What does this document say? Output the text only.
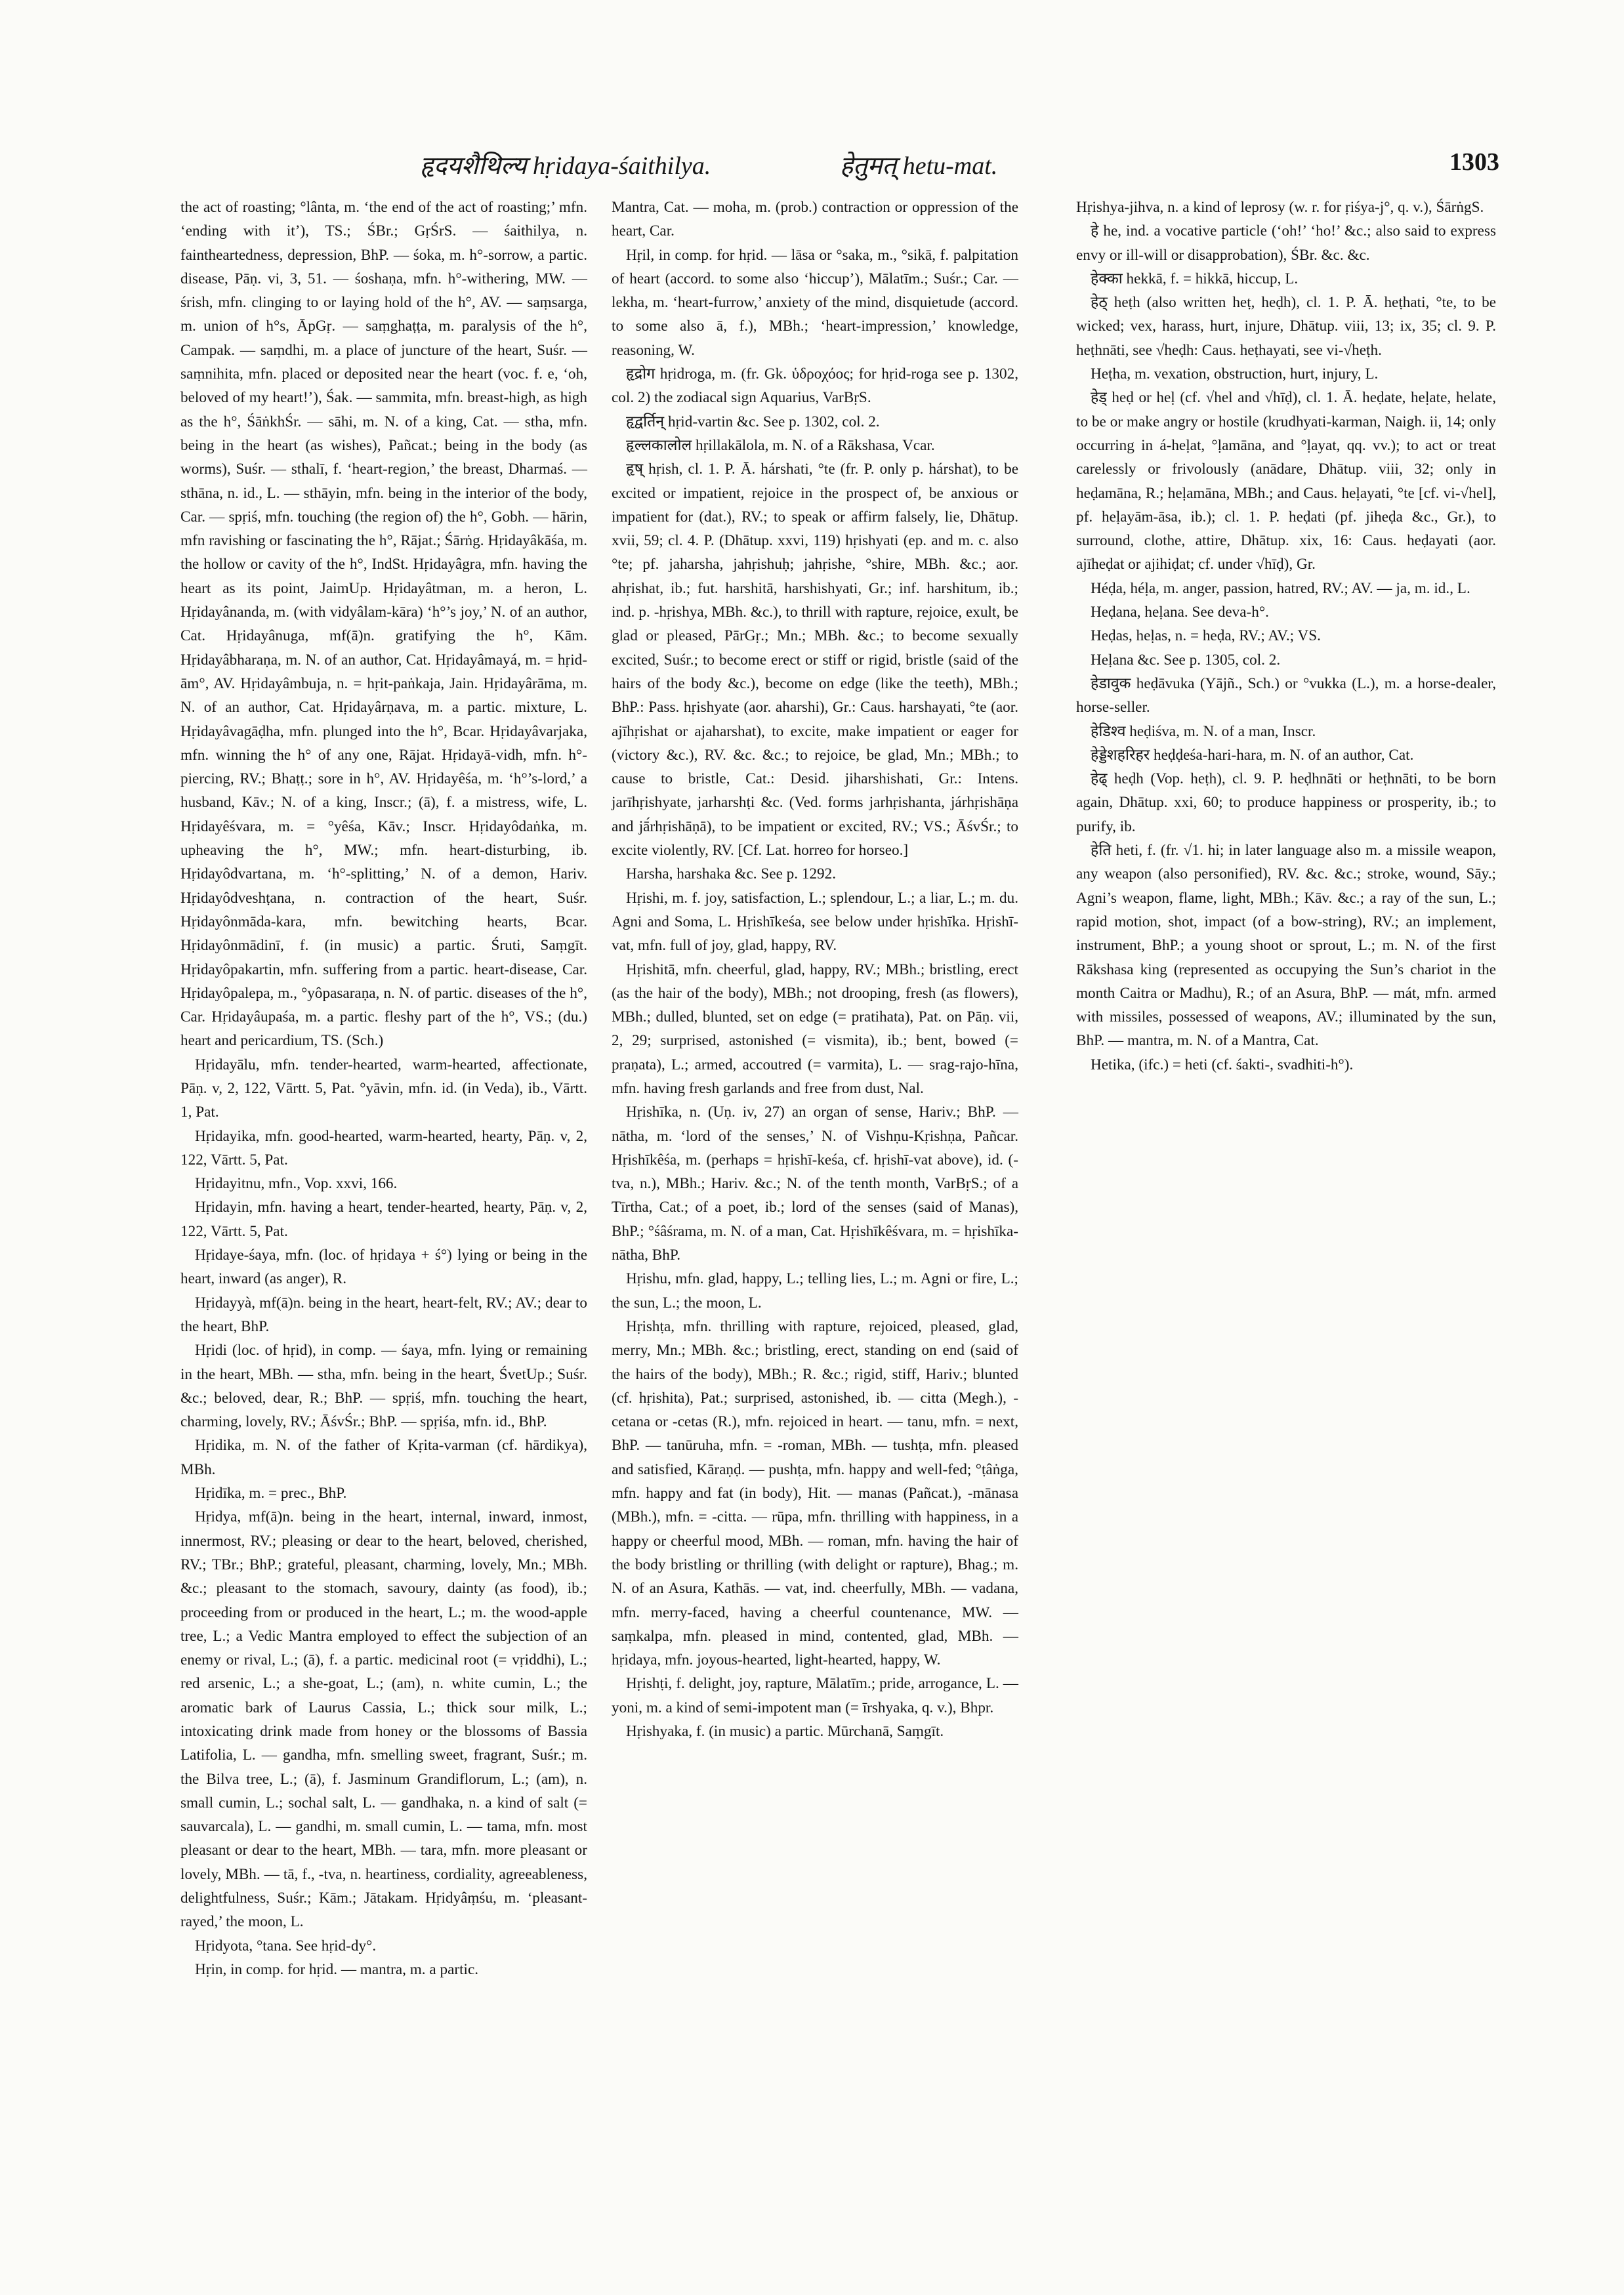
हृदयशैथिल्य hṛidaya-śaithilya.	हेतुमत् hetu-mat.	1303

the act of roasting; °lânta, m. ‘the end of the act of roasting;’ mfn. ‘ending with it’), TS.; ŚBr.; GṛŚrS. — śaithilya, n. faintheartedness, depression, BhP. — śoka, m. h°-sorrow, a partic. disease, Pāṇ. vi, 3, 51. — śoshaṇa, mfn. h°-withering, MW. — śrish, mfn. clinging to or laying hold of the h°, AV. — saṃsarga, m. union of h°s, ĀpGṛ. — saṃghaṭṭa, m. paralysis of the h°, Campak. — saṃdhi, m. a place of juncture of the heart, Suśr. — saṃnihita, mfn. placed or deposited near the heart (voc. f. e, ‘oh, beloved of my heart!’), Śak. — sammita, mfn. breast-high, as high as the h°, ŚāṅkhŚr. — sāhi, m. N. of a king, Cat. — stha, mfn. being in the heart (as wishes), Pañcat.; being in the body (as worms), Suśr. — sthalī, f. ‘heart-region,’ the breast, Dharmaś. — sthāna, n. id., L. — sthāyin, mfn. being in the interior of the body, Car. — spṛiś, mfn. touching (the region of) the h°, Gobh. — hārin, mfn ravishing or fascinating the h°, Rājat.; Śārṅg. Hṛidayâkāśa, m. the hollow or cavity of the h°, IndSt. Hṛidayâgra, mfn. having the heart as its point, JaimUp. Hṛidayâtman, m. a heron, L. Hṛidayânanda, m. (with vidyâlam-kāra) ‘h°’s joy,’ N. of an author, Cat. Hṛidayânuga, mf(ā)n. gratifying the h°, Kām. Hṛidayâbharaṇa, m. N. of an author, Cat. Hṛidayâmayá, m. = hṛid-ām°, AV. Hṛidayâmbuja, n. = hṛit-paṅkaja, Jain. Hṛidayârāma, m. N. of an author, Cat. Hṛidayârṇava, m. a partic. mixture, L. Hṛidayâvagāḍha, mfn. plunged into the h°, Bcar. Hṛidayâvarjaka, mfn. winning the h° of any one, Rājat. Hṛidayā-vidh, mfn. h°-piercing, RV.; Bhaṭṭ.; sore in h°, AV. Hṛidayêśa, m. ‘h°’s-lord,’ a husband, Kāv.; N. of a king, Inscr.; (ā), f. a mistress, wife, L. Hṛidayêśvara, m. = °yêśa, Kāv.; Inscr. Hṛidayôdaṅka, m. upheaving the h°, MW.; mfn. heart-disturbing, ib. Hṛidayôdvartana, m. ‘h°-splitting,’ N. of a demon, Hariv. Hṛidayôdveshṭana, n. contraction of the heart, Suśr. Hṛidayônmāda-kara, mfn. bewitching hearts, Bcar. Hṛidayônmādinī, f. (in music) a partic. Śruti, Saṃgīt. Hṛidayôpakartin, mfn. suffering from a partic. heart-disease, Car. Hṛidayôpalepa, m., °yôpasaraṇa, n. N. of partic. diseases of the h°, Car. Hṛidayâupaśa, m. a partic. fleshy part of the h°, VS.; (du.) heart and pericardium, TS. (Sch.)

Hṛidayālu, mfn. tender-hearted, warm-hearted, affectionate, Pāṇ. v, 2, 122, Vārtt. 5, Pat. °yāvin, mfn. id. (in Veda), ib., Vārtt. 1, Pat.

Hṛidayika, mfn. good-hearted, warm-hearted, hearty, Pāṇ. v, 2, 122, Vārtt. 5, Pat.

Hṛidayitnu, mfn., Vop. xxvi, 166.

Hṛidayin, mfn. having a heart, tender-hearted, hearty, Pāṇ. v, 2, 122, Vārtt. 5, Pat.

Hṛidaye-śaya, mfn. (loc. of hṛidaya + ś°) lying or being in the heart, inward (as anger), R.

Hṛidayyà, mf(ā)n. being in the heart, heart-felt, RV.; AV.; dear to the heart, BhP.

Hṛidi (loc. of hṛid), in comp. — śaya, mfn. lying or remaining in the heart, MBh. — stha, mfn. being in the heart, ŚvetUp.; Suśr. &c.; beloved, dear, R.; BhP. — spṛiś, mfn. touching the heart, charming, lovely, RV.; ĀśvŚr.; BhP. — spṛiśa, mfn. id., BhP.

Hṛidika, m. N. of the father of Kṛita-varman (cf. hārdikya), MBh.

Hṛidīka, m. = prec., BhP.

Hṛidya, mf(ā)n. being in the heart, internal, inward, inmost, innermost, RV.; pleasing or dear to the heart, beloved, cherished, RV.; TBr.; BhP.; grateful, pleasant, charming, lovely, Mn.; MBh. &c.; pleasant to the stomach, savoury, dainty (as food), ib.; proceeding from or produced in the heart, L.; m. the wood-apple tree, L.; a Vedic Mantra employed to effect the subjection of an enemy or rival, L.; (ā), f. a partic. medicinal root (= vṛiddhi), L.; red arsenic, L.; a she-goat, L.; (am), n. white cumin, L.; the aromatic bark of Laurus Cassia, L.; thick sour milk, L.; intoxicating drink made from honey or the blossoms of Bassia Latifolia, L. — gandha, mfn. smelling sweet, fragrant, Suśr.; m. the Bilva tree, L.; (ā), f. Jasminum Grandiflorum, L.; (am), n. small cumin, L.; sochal salt, L. — gandhaka, n. a kind of salt (= sauvarcala), L. — gandhi, m. small cumin, L. — tama, mfn. most pleasant or dear to the heart, MBh. — tara, mfn. more pleasant or lovely, MBh. — tā, f., -tva, n. heartiness, cordiality, agreeableness, delightfulness, Suśr.; Kām.; Jātakam. Hṛidyâṃśu, m. ‘pleasant-rayed,’ the moon, L.

Hṛidyota, °tana. See hṛid-dy°.

Hṛin, in comp. for hṛid. — mantra, m. a partic.

Mantra, Cat. — moha, m. (prob.) contraction or oppression of the heart, Car.

Hṛil, in comp. for hṛid. — lāsa or °saka, m., °sikā, f. palpitation of heart (accord. to some also ‘hiccup’), Mālatīm.; Suśr.; Car. — lekha, m. ‘heart-furrow,’ anxiety of the mind, disquietude (accord. to some also ā, f.), MBh.; ‘heart-impression,’ knowledge, reasoning, W.

हृद्रोग hṛidroga, m. (fr. Gk. ὑδροχόος; for hṛid-roga see p. 1302, col. 2) the zodiacal sign Aquarius, VarBṛS.

हृद्वर्तिन् hṛid-vartin &c. See p. 1302, col. 2.

हृल्लकालोल hṛillakālola, m. N. of a Rākshasa, Vcar.

हृष् hṛish, cl. 1. P. Ā. hárshati, °te (fr. P. only p. hárshat), to be excited or impatient, rejoice in the prospect of, be anxious or impatient for (dat.), RV.; to speak or affirm falsely, lie, Dhātup. xvii, 59; cl. 4. P. (Dhātup. xxvi, 119) hṛishyati (ep. and m. c. also °te; pf. jaharsha, jahṛishuḥ; jahṛishe, °shire, MBh. &c.; aor. ahṛishat, ib.; fut. harshitā, harshishyati, Gr.; inf. harshitum, ib.; ind. p. -hṛishya, MBh. &c.), to thrill with rapture, rejoice, exult, be glad or pleased, PārGṛ.; Mn.; MBh. &c.; to become sexually excited, Suśr.; to become erect or stiff or rigid, bristle (said of the hairs of the body &c.), become on edge (like the teeth), MBh.; BhP.: Pass. hṛishyate (aor. aharshi), Gr.: Caus. harshayati, °te (aor. ajīhṛishat or ajaharshat), to excite, make impatient or eager for (victory &c.), RV. &c. &c.; to rejoice, be glad, Mn.; MBh.; to cause to bristle, Cat.: Desid. jiharshishati, Gr.: Intens. jarīhṛishyate, jarharshṭi &c. (Ved. forms jarhṛishanta, járhṛishāṇa and jā́rhṛishāṇā), to be impatient or excited, RV.; VS.; ĀśvŚr.; to excite violently, RV. [Cf. Lat. horreo for horseo.]

Harsha, harshaka &c. See p. 1292.

Hṛishi, m. f. joy, satisfaction, L.; splendour, L.; a liar, L.; m. du. Agni and Soma, L. Hṛishīkeśa, see below under hṛishīka. Hṛishī-vat, mfn. full of joy, glad, happy, RV.

Hṛishitā, mfn. cheerful, glad, happy, RV.; MBh.; bristling, erect (as the hair of the body), MBh.; not drooping, fresh (as flowers), MBh.; dulled, blunted, set on edge (= pratihata), Pat. on Pāṇ. vii, 2, 29; surprised, astonished (= vismita), ib.; bent, bowed (= praṇata), L.; armed, accoutred (= varmita), L. — srag-rajo-hīna, mfn. having fresh garlands and free from dust, Nal.

Hṛishīka, n. (Uṇ. iv, 27) an organ of sense, Hariv.; BhP. — nātha, m. ‘lord of the senses,’ N. of Vishṇu-Kṛishṇa, Pañcar. Hṛishīkêśa, m. (perhaps = hṛishī-keśa, cf. hṛishī-vat above), id. (-tva, n.), MBh.; Hariv. &c.; N. of the tenth month, VarBṛS.; of a Tīrtha, Cat.; of a poet, ib.; lord of the senses (said of Manas), BhP.; °śâśrama, m. N. of a man, Cat. Hṛishīkêśvara, m. = hṛishīka-nātha, BhP.

Hṛishu, mfn. glad, happy, L.; telling lies, L.; m. Agni or fire, L.; the sun, L.; the moon, L.

Hṛishṭa, mfn. thrilling with rapture, rejoiced, pleased, glad, merry, Mn.; MBh. &c.; bristling, erect, standing on end (said of the hairs of the body), MBh.; R. &c.; rigid, stiff, Hariv.; blunted (cf. hṛishita), Pat.; surprised, astonished, ib. — citta (Megh.), -cetana or -cetas (R.), mfn. rejoiced in heart. — tanu, mfn. = next, BhP. — tanūruha, mfn. = -roman, MBh. — tushṭa, mfn. pleased and satisfied, Kāraṇḍ. — pushṭa, mfn. happy and well-fed; °ṭâṅga, mfn. happy and fat (in body), Hit. — manas (Pañcat.), -mānasa (MBh.), mfn. = -citta. — rūpa, mfn. thrilling with happiness, in a happy or cheerful mood, MBh. — roman, mfn. having the hair of the body bristling or thrilling (with delight or rapture), Bhag.; m. N. of an Asura, Kathās. — vat, ind. cheerfully, MBh. — vadana, mfn. merry-faced, having a cheerful countenance, MW. — saṃkalpa, mfn. pleased in mind, contented, glad, MBh. — hṛidaya, mfn. joyous-hearted, light-hearted, happy, W.

Hṛishṭi, f. delight, joy, rapture, Mālatīm.; pride, arrogance, L. — yoni, m. a kind of semi-impotent man (= īrshyaka, q. v.), Bhpr.

Hṛishyaka, f. (in music) a partic. Mūrchanā, Saṃgīt.

Hṛishya-jihva, n. a kind of leprosy (w. r. for ṛiśya-j°, q. v.), ŚārṅgS.

हे he, ind. a vocative particle (‘oh!’ ‘ho!’ &c.; also said to express envy or ill-will or disapprobation), ŚBr. &c. &c.

हेक्का hekkā, f. = hikkā, hiccup, L.

हेठ् heṭh (also written heṭ, heḍh), cl. 1. P. Ā. heṭhati, °te, to be wicked; vex, harass, hurt, injure, Dhātup. viii, 13; ix, 35; cl. 9. P. heṭhnāti, see √heḍh: Caus. heṭhayati, see vi-√heṭh.

Heṭha, m. vexation, obstruction, hurt, injury, L.

हेड् heḍ or heḷ (cf. √hel and √hīḍ), cl. 1. Ā. heḍate, heḷate, helate, to be or make angry or hostile (krudhyati-karman, Naigh. ii, 14; only occurring in á-heḷat, °ḷamāna, and °ḷayat, qq. vv.); to act or treat carelessly or frivolously (anādare, Dhātup. viii, 32; only in heḍamāna, R.; heḷamāna, MBh.; and Caus. heḷayati, °te [cf. vi-√hel], pf. heḷayām-āsa, ib.); cl. 1. P. heḍati (pf. jiheḍa &c., Gr.), to surround, clothe, attire, Dhātup. xix, 16: Caus. heḍayati (aor. ajīheḍat or ajihiḍat; cf. under √hīḍ), Gr.

Héḍa, héḷa, m. anger, passion, hatred, RV.; AV. — ja, m. id., L.

Heḍana, heḷana. See deva-h°.

Heḍas, heḷas, n. = heḍa, RV.; AV.; VS.

Heḷana &c. See p. 1305, col. 2.

हेडावुक heḍāvuka (Yājñ., Sch.) or °vukka (L.), m. a horse-dealer, horse-seller.

हेडिश्व heḍiśva, m. N. of a man, Inscr.

हेड्डेशहरिहर heḍḍeśa-hari-hara, m. N. of an author, Cat.

हेढ् heḍh (Vop. heṭh), cl. 9. P. heḍhnāti or heṭhnāti, to be born again, Dhātup. xxi, 60; to produce happiness or prosperity, ib.; to purify, ib.

हेति heti, f. (fr. √1. hi; in later language also m. a missile weapon, any weapon (also personified), RV. &c. &c.; stroke, wound, Sāy.; Agni’s weapon, flame, light, MBh.; Kāv. &c.; a ray of the sun, L.; rapid motion, shot, impact (of a bow-string), RV.; an implement, instrument, BhP.; a young shoot or sprout, L.; m. N. of the first Rākshasa king (represented as occupying the Sun’s chariot in the month Caitra or Madhu), R.; of an Asura, BhP. — mát, mfn. armed with missiles, possessed of weapons, AV.; illuminated by the sun, BhP. — mantra, m. N. of a Mantra, Cat.

Hetika, (ifc.) = heti (cf. śakti-, svadhiti-h°).
